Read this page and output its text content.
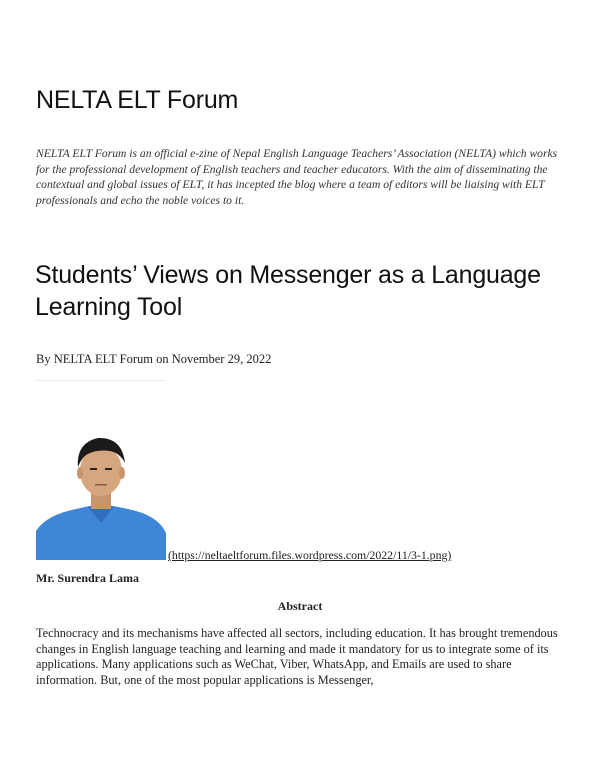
NELTA ELT Forum

NELTA ELT Forum is an official e-zine of Nepal English Language Teachers’ Association (NELTA) which works for the professional development of English teachers and teacher educators. With the aim of disseminating the contextual and global issues of ELT, it has incepted the blog where a team of editors will be liaising with ELT professionals and echo the noble voices to it.

Students’ Views on Messenger as a Language Learning Tool

By NELTA ELT Forum on November 29, 2022

(https://neltaeltforum.files.wordpress.com/2022/11/3-1.png)

Mr. Surendra Lama

Abstract

Technocracy and its mechanisms have affected all sectors, including education. It has brought tremendous changes in English language teaching and learning and made it mandatory for us to integrate some of its applications. Many applications such as WeChat, Viber, WhatsApp, and Emails are used to share information. But, one of the most popular applications is Messenger,
